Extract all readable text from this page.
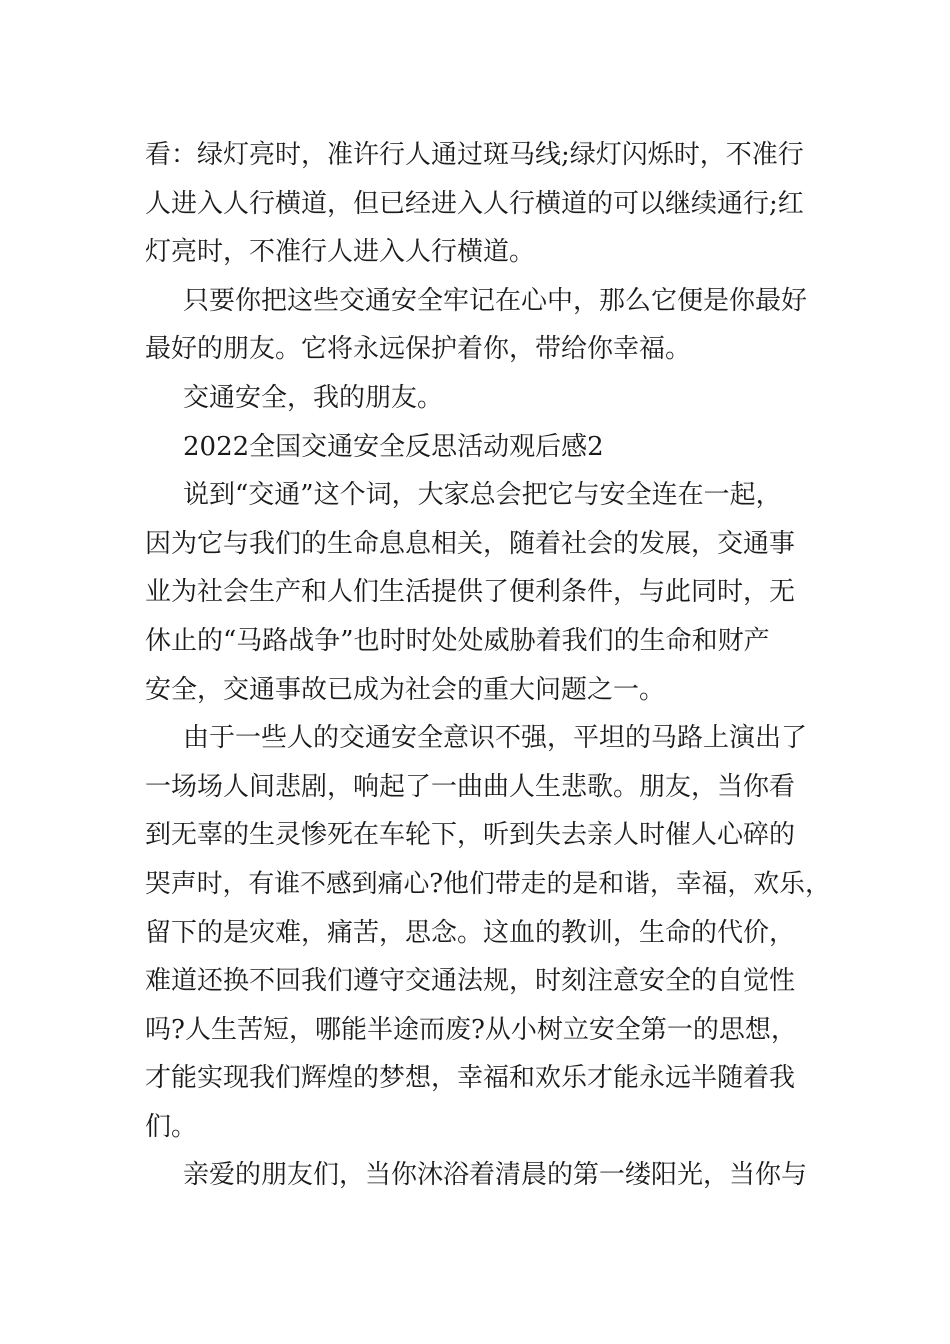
看：绿灯亮时，准许行人通过斑马线;绿灯闪烁时，不准行
人进入人行横道，但已经进入人行横道的可以继续通行;红
灯亮时，不准行人进入人行横道。
只要你把这些交通安全牢记在心中，那么它便是你最好
最好的朋友。它将永远保护着你，带给你幸福。
交通安全，我的朋友。
2022全国交通安全反思活动观后感2
说到“交通”这个词，大家总会把它与安全连在一起，
因为它与我们的生命息息相关，随着社会的发展，交通事
业为社会生产和人们生活提供了便利条件，与此同时，无
休止的“马路战争”也时时处处威胁着我们的生命和财产
安全，交通事故已成为社会的重大问题之一。
由于一些人的交通安全意识不强，平坦的马路上演出了
一场场人间悲剧，响起了一曲曲人生悲歌。朋友，当你看
到无辜的生灵惨死在车轮下，听到失去亲人时催人心碎的
哭声时，有谁不感到痛心?他们带走的是和谐，幸福，欢乐，
留下的是灾难，痛苦，思念。这血的教训，生命的代价，
难道还换不回我们遵守交通法规，时刻注意安全的自觉性
吗?人生苦短，哪能半途而废?从小树立安全第一的思想，
才能实现我们辉煌的梦想，幸福和欢乐才能永远半随着我
们。
亲爱的朋友们，当你沐浴着清晨的第一缕阳光，当你与
